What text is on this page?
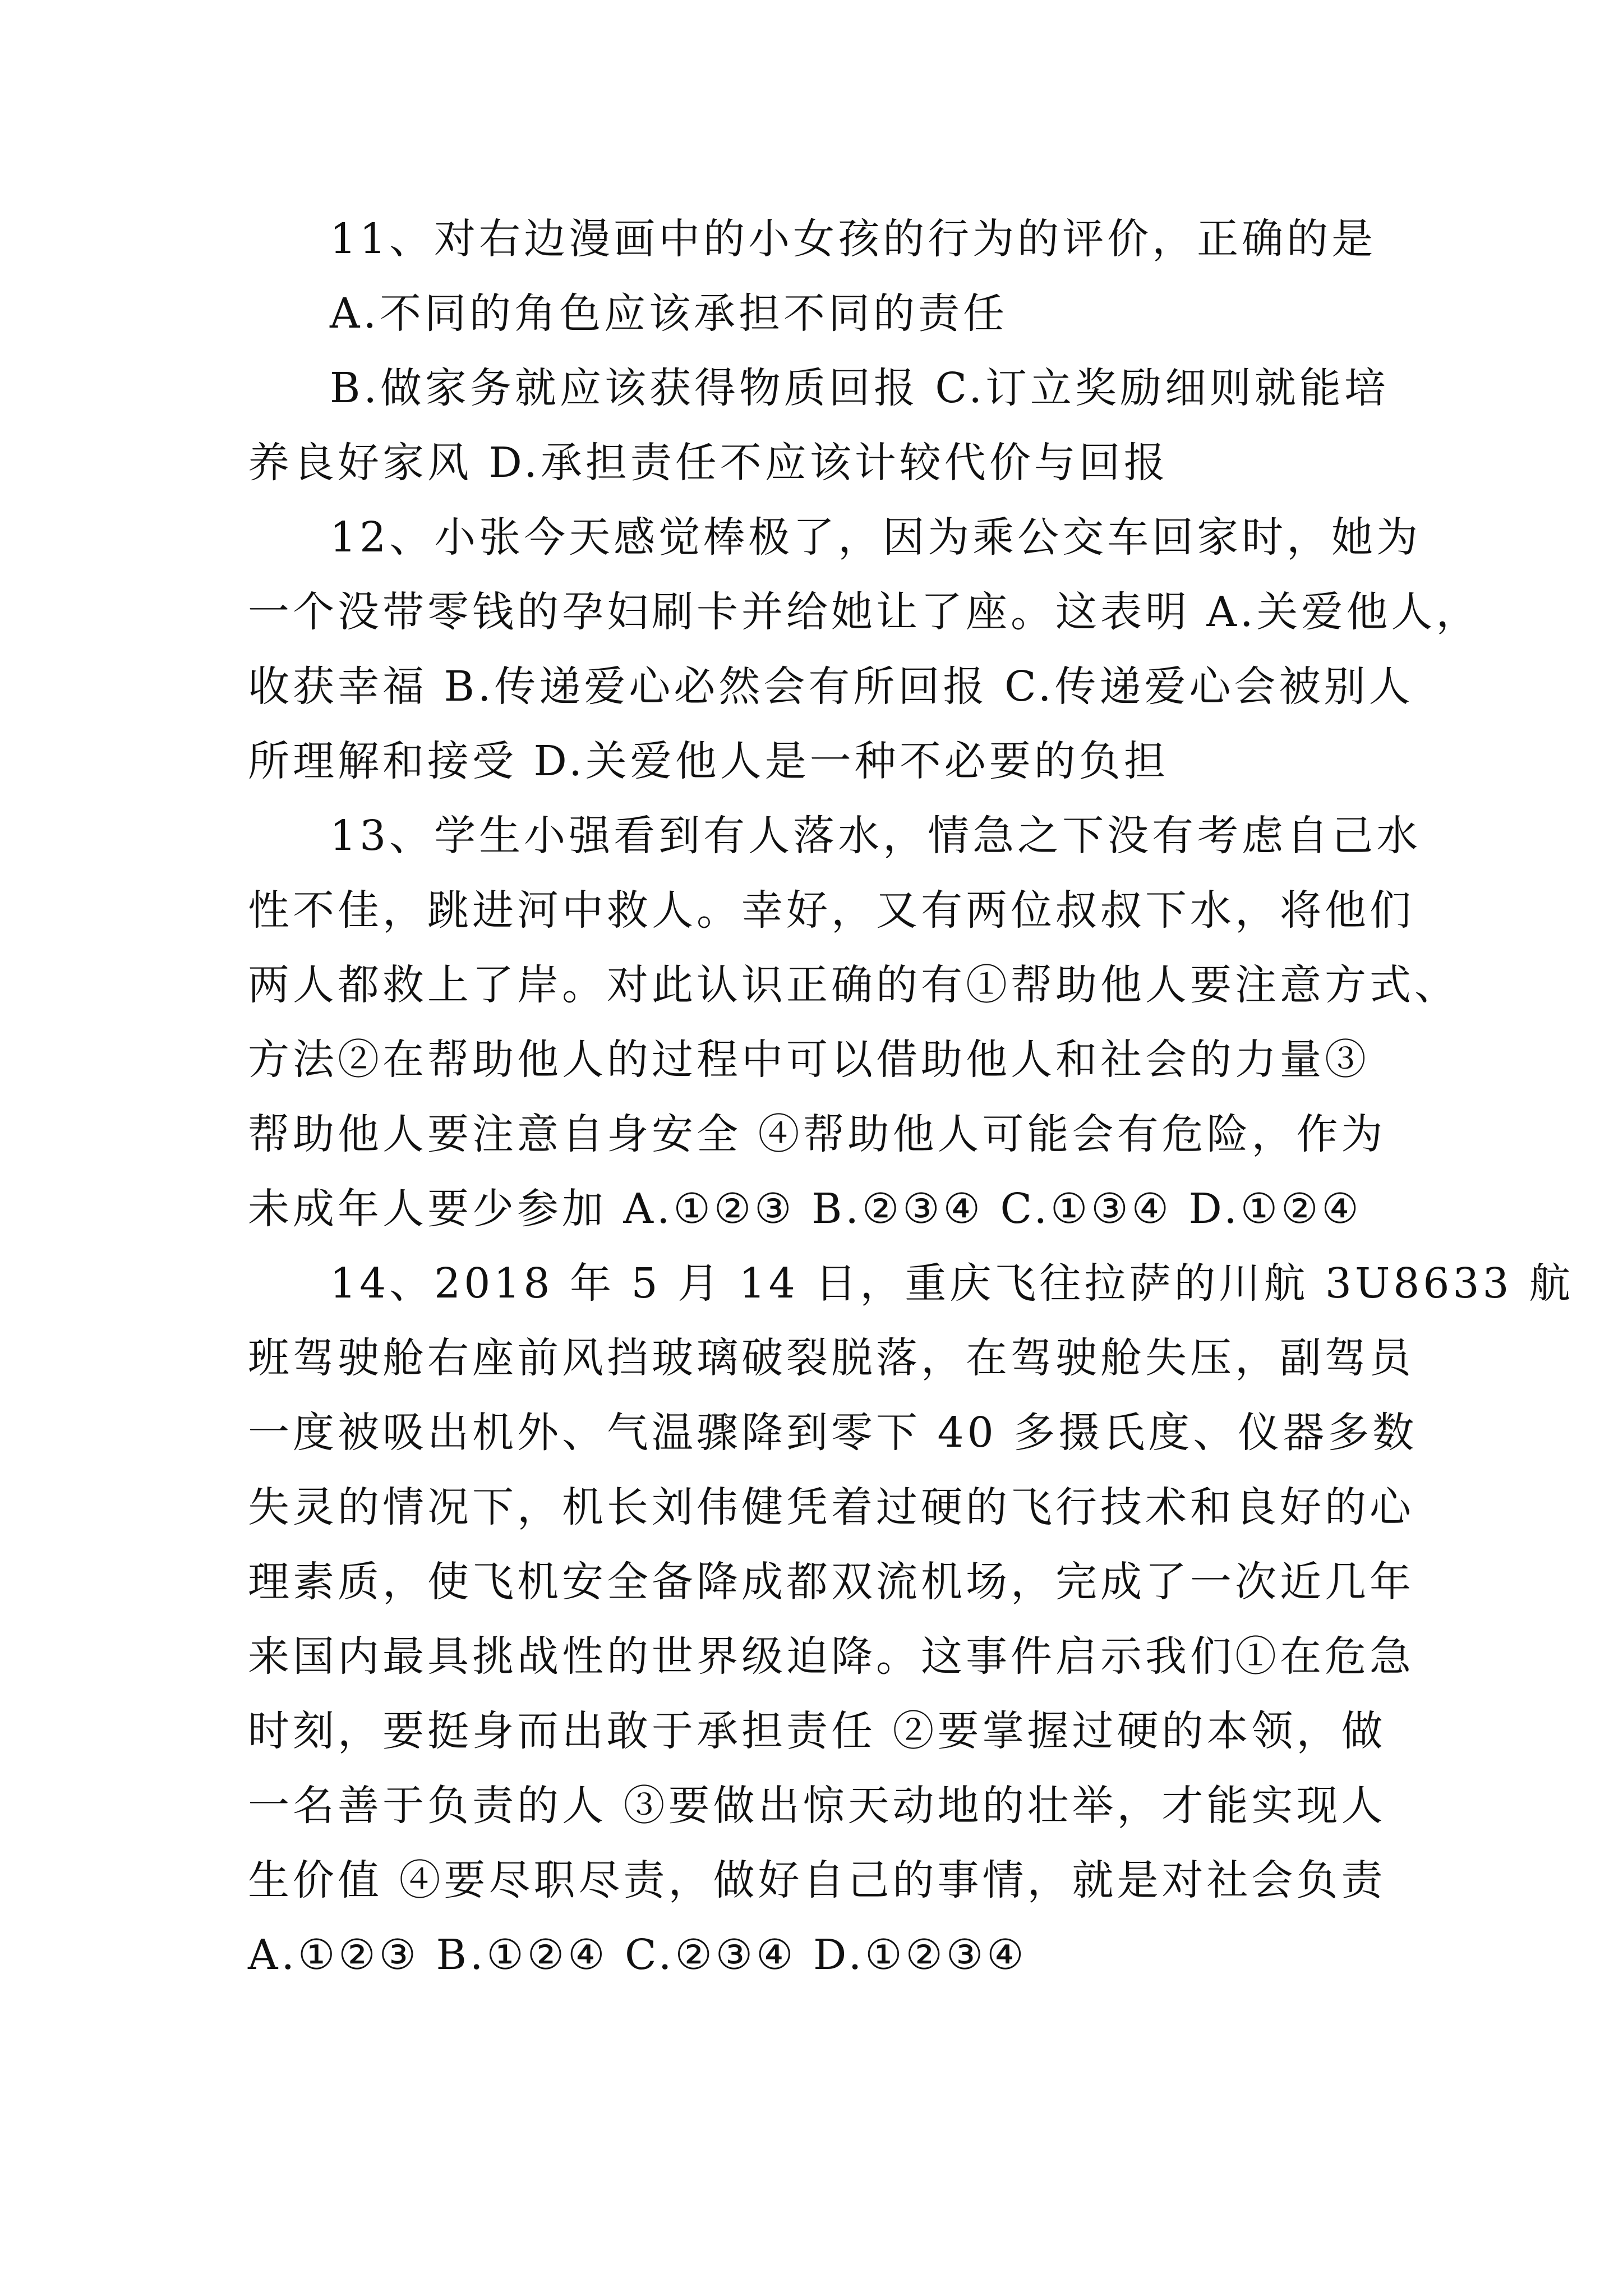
11、对右边漫画中的小女孩的行为的评价，正确的是

A.不同的角色应该承担不同的责任

B.做家务就应该获得物质回报 C.订立奖励细则就能培

养良好家风 D.承担责任不应该计较代价与回报

12、小张今天感觉棒极了，因为乘公交车回家时，她为

一个没带零钱的孕妇刷卡并给她让了座。这表明 A.关爱他人，

收获幸福 B.传递爱心必然会有所回报 C.传递爱心会被别人

所理解和接受 D.关爱他人是一种不必要的负担

13、学生小强看到有人落水，情急之下没有考虑自己水

性不佳，跳进河中救人。幸好，又有两位叔叔下水，将他们

两人都救上了岸。对此认识正确的有①帮助他人要注意方式、

方法②在帮助他人的过程中可以借助他人和社会的力量③

帮助他人要注意自身安全 ④帮助他人可能会有危险，作为

未成年人要少参加 A.①②③ B.②③④ C.①③④ D.①②④

14、2018 年 5 月 14 日，重庆飞往拉萨的川航 3U8633 航

班驾驶舱右座前风挡玻璃破裂脱落，在驾驶舱失压，副驾员

一度被吸出机外、气温骤降到零下 40 多摄氏度、仪器多数

失灵的情况下，机长刘伟健凭着过硬的飞行技术和良好的心

理素质，使飞机安全备降成都双流机场，完成了一次近几年

来国内最具挑战性的世界级迫降。这事件启示我们①在危急

时刻，要挺身而出敢于承担责任 ②要掌握过硬的本领，做

一名善于负责的人 ③要做出惊天动地的壮举，才能实现人

生价值 ④要尽职尽责，做好自己的事情，就是对社会负责

A.①②③ B.①②④ C.②③④ D.①②③④
